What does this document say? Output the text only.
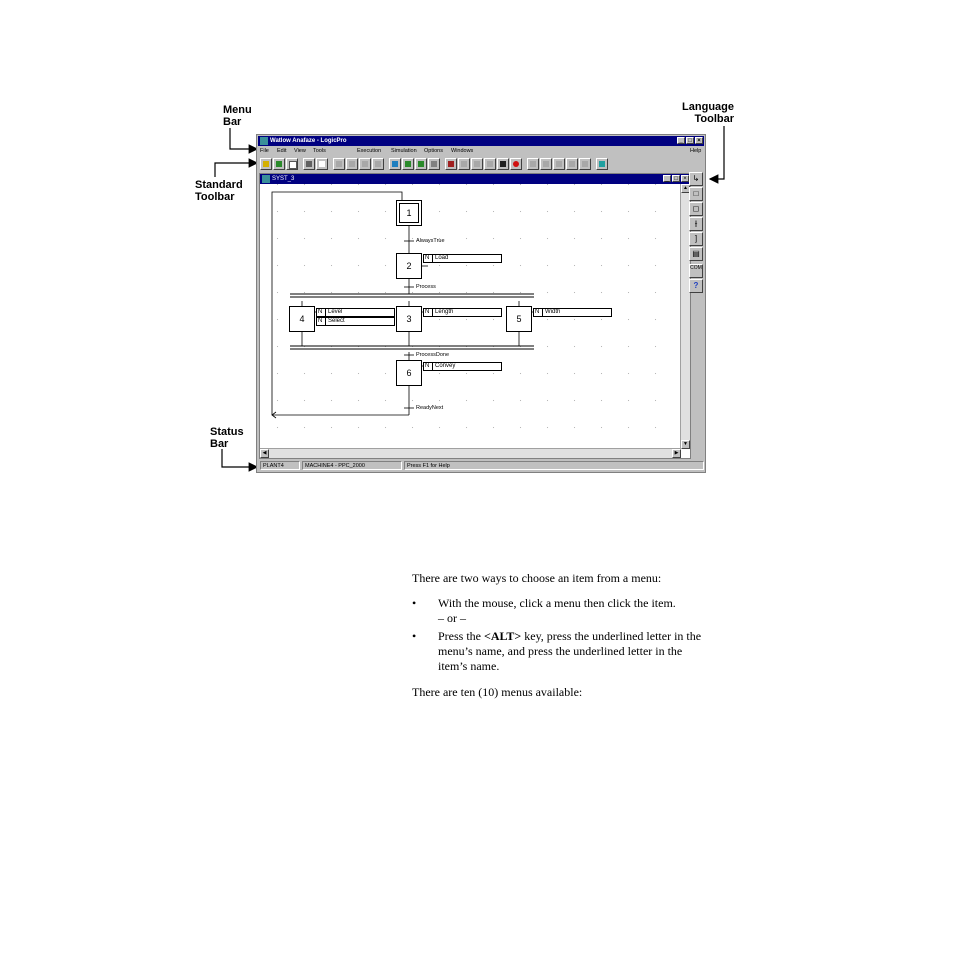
Menu
Bar
Language
Toolbar
Standard
Toolbar
Status
Bar
Watlow Anafaze - LogicPro	_ □ ×
File Edit View Tools	Execution Simulation Options Windows	Help
SYST_3	_ □ ×
1
2
4	3	5
6
N Load
N Level
N Select
N Length	N Width
N Convey
AlwaysTrue
Process
ProcessDone
ReadyNext
▲
▼
◀	▶
↳
□
◻
⫲
]
▤
COM
?
PLANT4	MACHINE4 - PPC_2000	Press F1 for Help

There are two ways to choose an item from a menu:

• With the mouse, click a menu then click the item.
– or –
• Press the <ALT> key, press the underlined letter in the
menu’s name, and press the underlined letter in the
item’s name.

There are ten (10) menus available:
